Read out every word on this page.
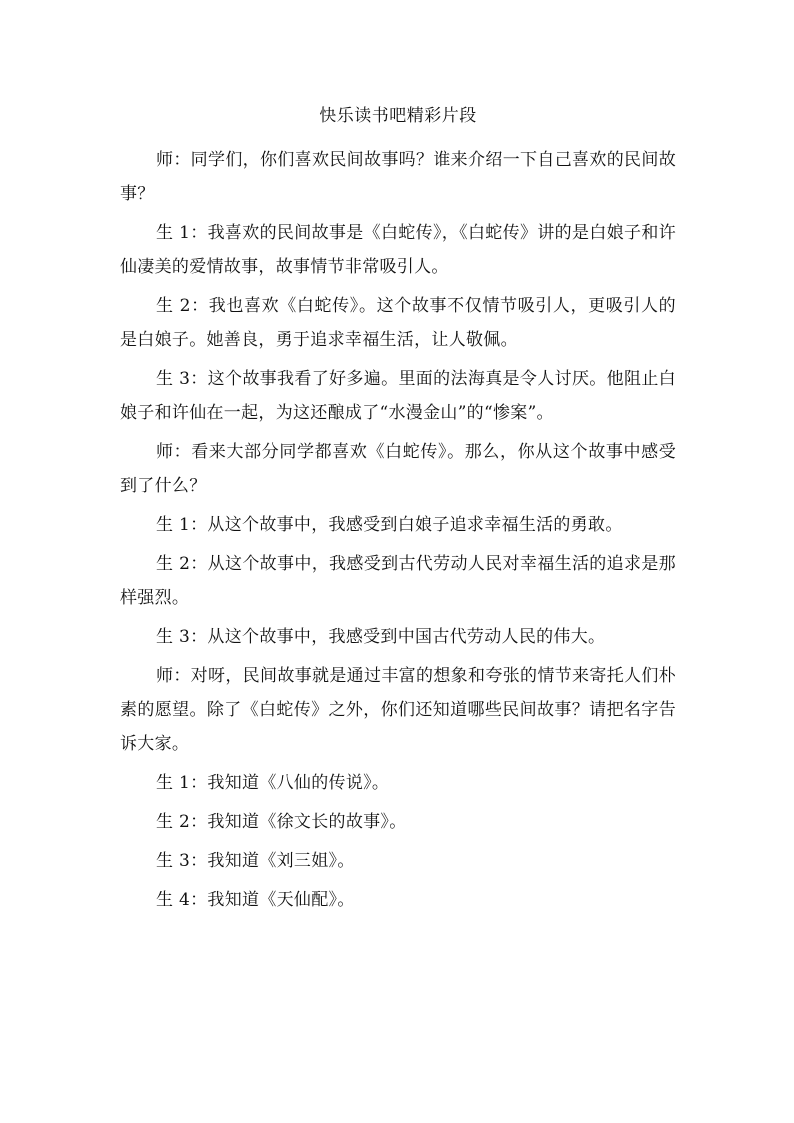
快乐读书吧精彩片段

师：同学们，你们喜欢民间故事吗？谁来介绍一下自己喜欢的民间故事？

生 1：我喜欢的民间故事是《白蛇传》，《白蛇传》讲的是白娘子和许仙凄美的爱情故事，故事情节非常吸引人。

生 2：我也喜欢《白蛇传》。这个故事不仅情节吸引人，更吸引人的是白娘子。她善良，勇于追求幸福生活，让人敬佩。

生 3：这个故事我看了好多遍。里面的法海真是令人讨厌。他阻止白娘子和许仙在一起，为这还酿成了“水漫金山”的“惨案”。

师：看来大部分同学都喜欢《白蛇传》。那么，你从这个故事中感受到了什么？

生 1：从这个故事中，我感受到白娘子追求幸福生活的勇敢。

生 2：从这个故事中，我感受到古代劳动人民对幸福生活的追求是那样强烈。

生 3：从这个故事中，我感受到中国古代劳动人民的伟大。

师：对呀，民间故事就是通过丰富的想象和夸张的情节来寄托人们朴素的愿望。除了《白蛇传》之外，你们还知道哪些民间故事？请把名字告诉大家。

生 1：我知道《八仙的传说》。

生 2：我知道《徐文长的故事》。

生 3：我知道《刘三姐》。

生 4：我知道《天仙配》。
